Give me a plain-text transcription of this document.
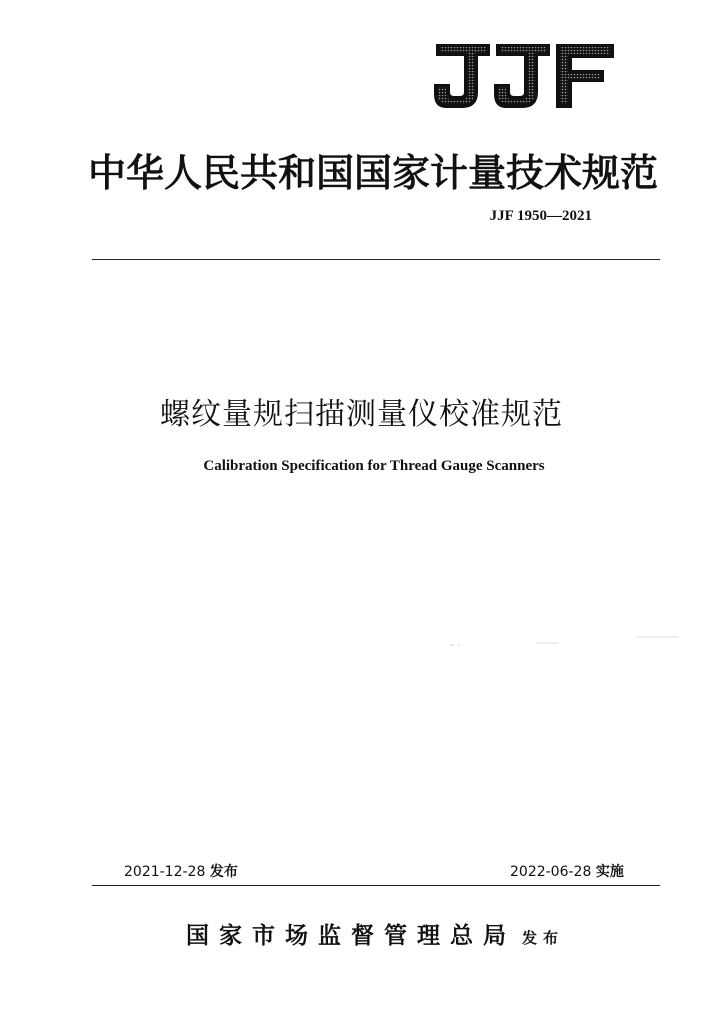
中华人民共和国国家计量技术规范
JJF 1950—2021
螺纹量规扫描测量仪校准规范
Calibration Specification for Thread Gauge Scanners
2021-12-28 发布	2022-06-28 实施
国家市场监督管理总局 发布
